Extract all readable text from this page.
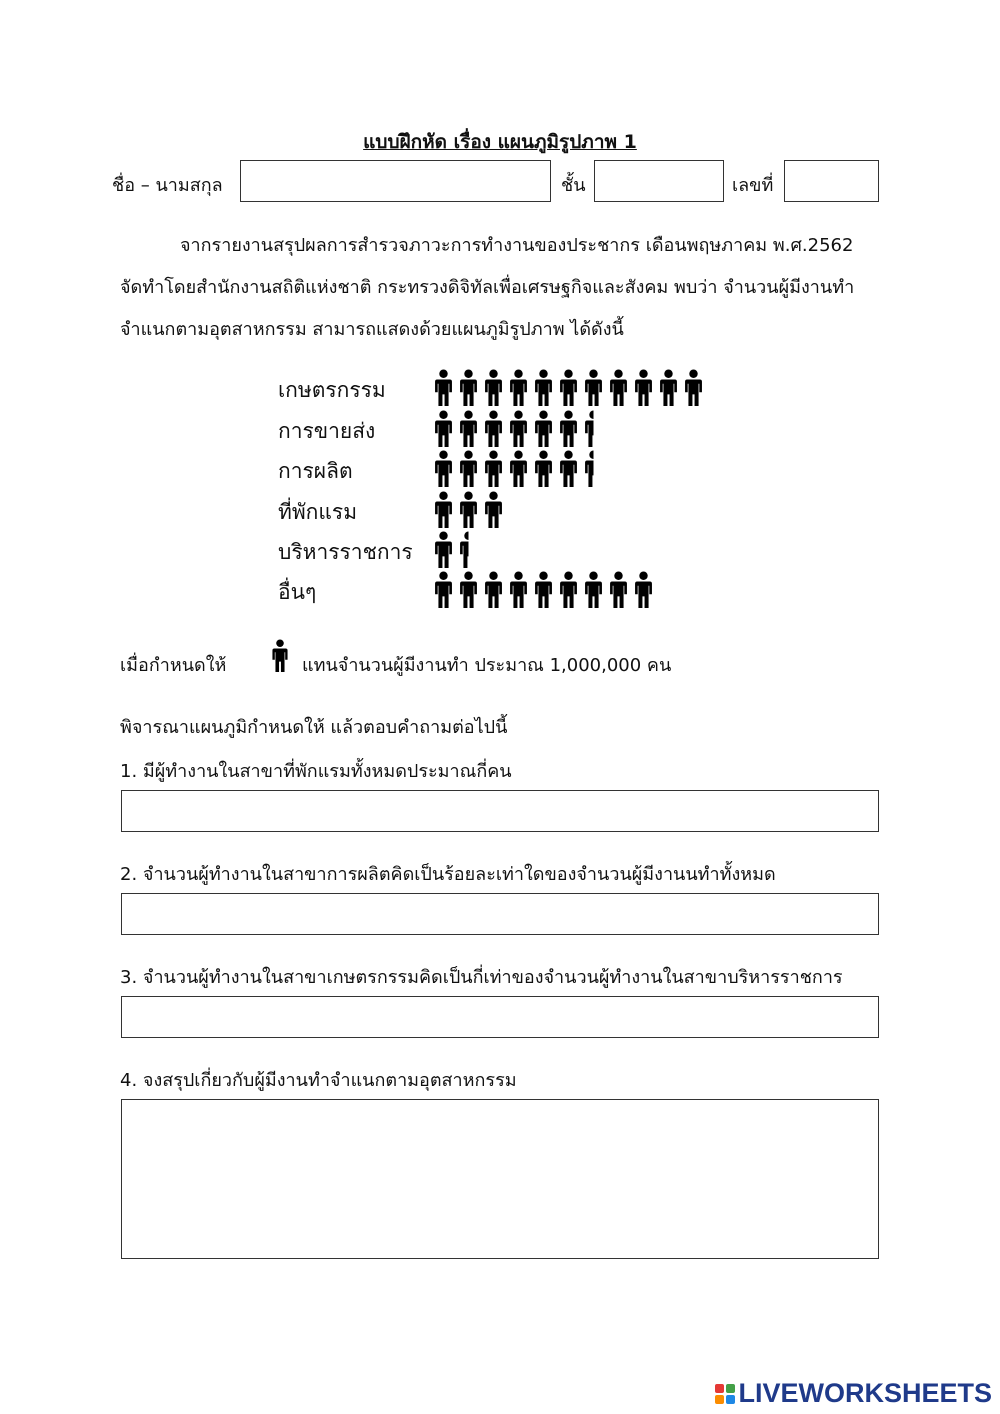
แบบฝึกหัด เรื่อง แผนภูมิรูปภาพ 1
ชื่อ – นามสกุล	ชั้น	เลขที่
จากรายงานสรุปผลการสำรวจภาวะการทำงานของประชากร เดือนพฤษภาคม พ.ศ.2562
จัดทำโดยสำนักงานสถิติแห่งชาติ กระทรวงดิจิทัลเพื่อเศรษฐกิจและสังคม พบว่า จำนวนผู้มีงานทำ
จำแนกตามอุตสาหกรรม สามารถแสดงด้วยแผนภูมิรูปภาพ ได้ดังนี้
เกษตรกรรม
การขายส่ง
การผลิต
ที่พักแรม
บริหารราชการ
อื่นๆ
เมื่อกำหนดให้	แทนจำนวนผู้มีงานทำ ประมาณ 1,000,000 คน
พิจารณาแผนภูมิกำหนดให้ แล้วตอบคำถามต่อไปนี้
1. มีผู้ทำงานในสาขาที่พักแรมทั้งหมดประมาณกี่คน
2. จำนวนผู้ทำงานในสาขาการผลิตคิดเป็นร้อยละเท่าใดของจำนวนผู้มีงานนทำทั้งหมด
3. จำนวนผู้ทำงานในสาขาเกษตรกรรมคิดเป็นกี่เท่าของจำนวนผู้ทำงานในสาขาบริหารราชการ
4. จงสรุปเกี่ยวกับผู้มีงานทำจำแนกตามอุตสาหกรรม
LIVEWORKSHEETS
